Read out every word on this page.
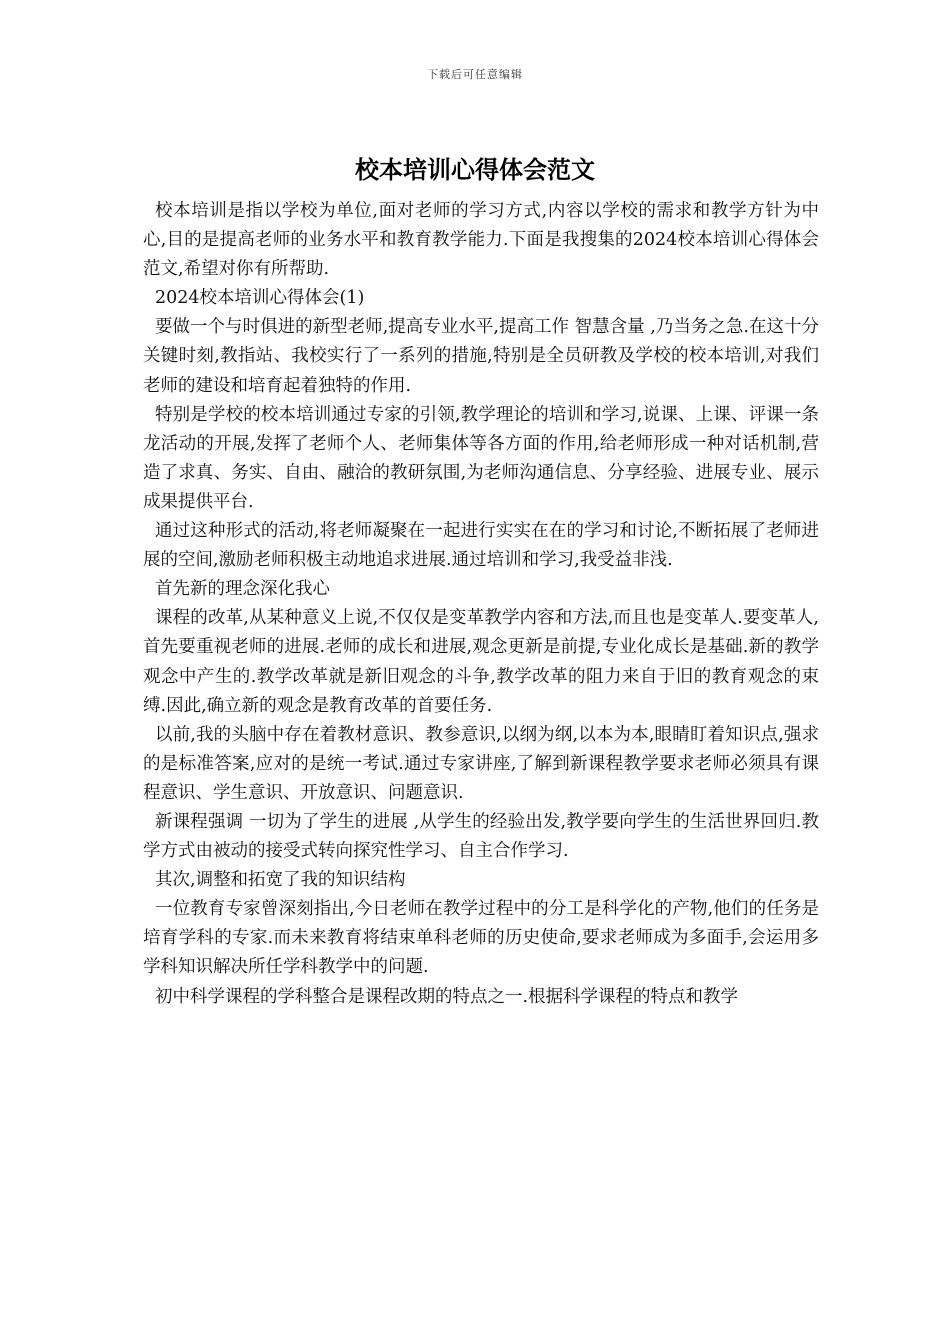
下载后可任意编辑
校本培训心得体会范文

校本培训是指以学校为单位,面对老师的学习方式,内容以学校的需求和教学方针为中心,目的是提高老师的业务水平和教育教学能力.下面是我搜集的2024校本培训心得体会范文,希望对你有所帮助.

2024校本培训心得体会(1)

要做一个与时俱进的新型老师,提高专业水平,提高工作 智慧含量 ,乃当务之急.在这十分关键时刻,教指站、我校实行了一系列的措施,特别是全员研教及学校的校本培训,对我们老师的建设和培育起着独特的作用.

特别是学校的校本培训通过专家的引领,教学理论的培训和学习,说课、上课、评课一条龙活动的开展,发挥了老师个人、老师集体等各方面的作用,给老师形成一种对话机制,营造了求真、务实、自由、融洽的教研氛围,为老师沟通信息、分享经验、进展专业、展示成果提供平台.

通过这种形式的活动,将老师凝聚在一起进行实实在在的学习和讨论,不断拓展了老师进展的空间,激励老师积极主动地追求进展.通过培训和学习,我受益非浅.

首先新的理念深化我心

课程的改革,从某种意义上说,不仅仅是变革教学内容和方法,而且也是变革人.要变革人,首先要重视老师的进展.老师的成长和进展,观念更新是前提,专业化成长是基础.新的教学观念中产生的.教学改革就是新旧观念的斗争,教学改革的阻力来自于旧的教育观念的束缚.因此,确立新的观念是教育改革的首要任务.

以前,我的头脑中存在着教材意识、教参意识,以纲为纲,以本为本,眼睛盯着知识点,强求的是标准答案,应对的是统一考试.通过专家讲座,了解到新课程教学要求老师必须具有课程意识、学生意识、开放意识、问题意识.

新课程强调 一切为了学生的进展 ,从学生的经验出发,教学要向学生的生活世界回归.教学方式由被动的接受式转向探究性学习、自主合作学习.

其次,调整和拓宽了我的知识结构

一位教育专家曾深刻指出,今日老师在教学过程中的分工是科学化的产物,他们的任务是培育学科的专家.而未来教育将结束单科老师的历史使命,要求老师成为多面手,会运用多学科知识解决所任学科教学中的问题.

初中科学课程的学科整合是课程改期的特点之一.根据科学课程的特点和教学
